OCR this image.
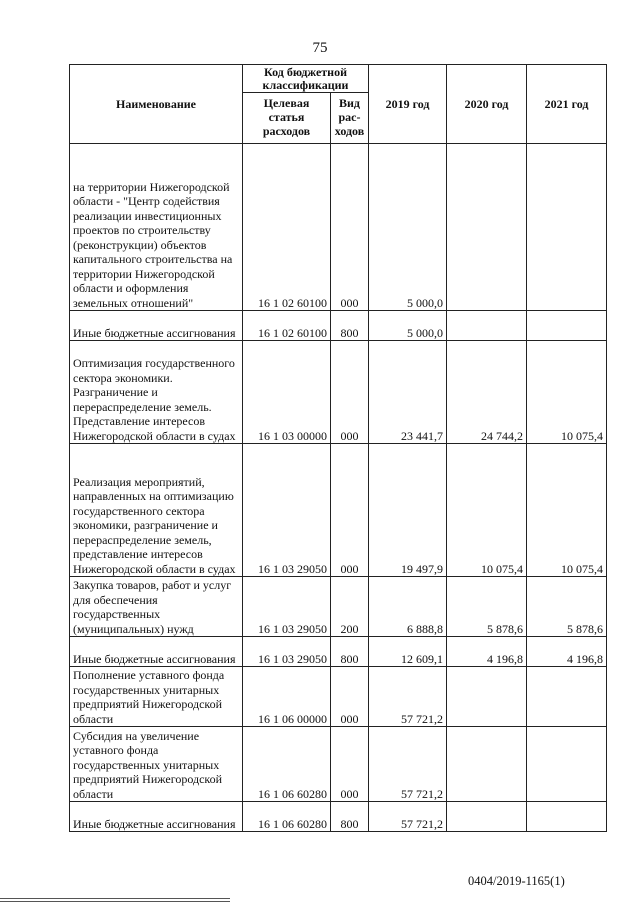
75
Наименование	Код бюджетной классификации		2019 год	2020 год	2021 год
	Целевая статья расходов	Вид рас- ходов			
на территории Нижегородской области - "Центр содействия реализации инвестиционных проектов по строительству (реконструкции) объектов капитального строительства на территории Нижегородской области и оформления земельных отношений"	16 1 02 60100	000	5 000,0		
Иные бюджетные ассигнования	16 1 02 60100	800	5 000,0		
Оптимизация государственного сектора экономики. Разграничение и перераспределение земель. Представление интересов Нижегородской области в судах	16 1 03 00000	000	23 441,7	24 744,2	10 075,4
Реализация мероприятий, направленных на оптимизацию государственного сектора экономики, разграничение и перераспределение земель, представление интересов Нижегородской области в судах	16 1 03 29050	000	19 497,9	10 075,4	10 075,4
Закупка товаров, работ и услуг для обеспечения государственных (муниципальных) нужд	16 1 03 29050	200	6 888,8	5 878,6	5 878,6
Иные бюджетные ассигнования	16 1 03 29050	800	12 609,1	4 196,8	4 196,8
Пополнение уставного фонда государственных унитарных предприятий Нижегородской области	16 1 06 00000	000	57 721,2		
Субсидия на увеличение уставного фонда государственных унитарных предприятий Нижегородской области	16 1 06 60280	000	57 721,2		
Иные бюджетные ассигнования	16 1 06 60280	800	57 721,2		
0404/2019-1165(1)
